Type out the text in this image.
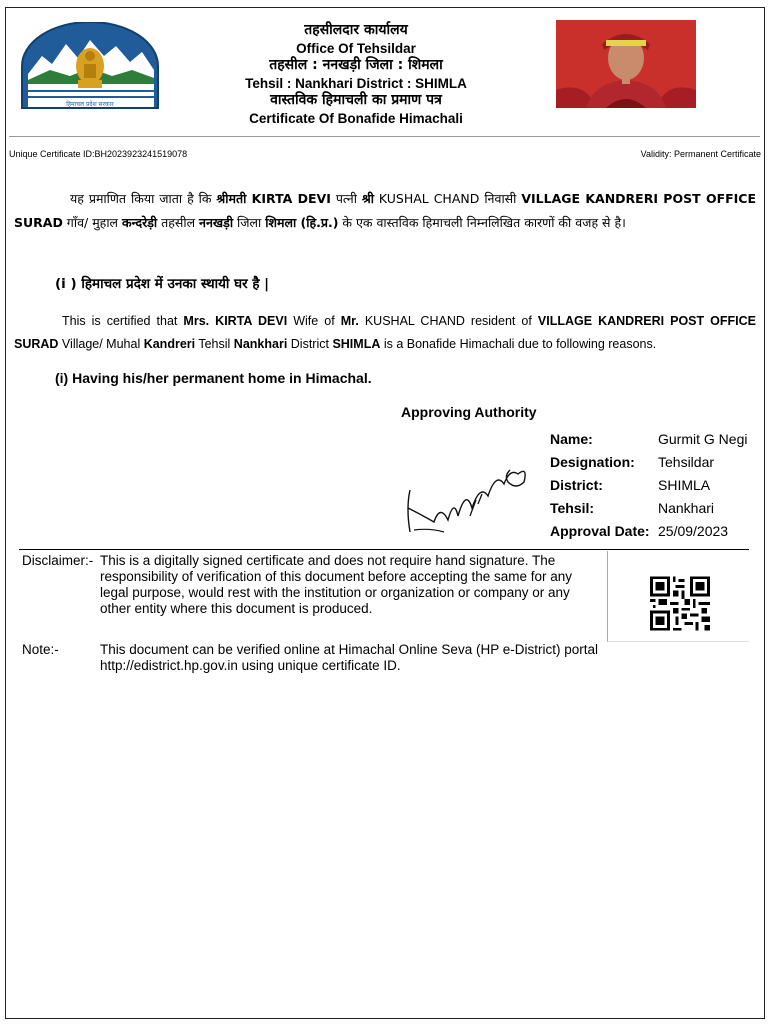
हिमाचल प्रदेश सरकार
तहसीलदार कार्यालय
Office Of Tehsildar
तहसील : ननखड़ी जिला : शिमला
Tehsil : Nankhari District : SHIMLA
वास्तविक हिमाचली का प्रमाण पत्र
Certificate Of Bonafide Himachali
Unique Certificate ID:BH2023923241519078	Validity: Permanent Certificate

यह प्रमाणित किया जाता है कि श्रीमती KIRTA DEVI पत्नी श्री KUSHAL CHAND निवासी VILLAGE KANDRERI POST OFFICE SURAD गाँव/ मुहाल कन्दरेड़ी तहसील ननखड़ी जिला शिमला (हि.प्र.) के एक वास्तविक हिमाचली निम्नलिखित कारणों की वजह से है।

(i ) हिमाचल प्रदेश में उनका स्थायी घर है |

This is certified that Mrs. KIRTA DEVI Wife of Mr. KUSHAL CHAND resident of VILLAGE KANDRERI POST OFFICE SURAD Village/ Muhal Kandreri Tehsil Nankhari District SHIMLA is a Bonafide Himachali due to following reasons.

(i) Having his/her permanent home in Himachal.
Approving Authority
Name:	Gurmit G Negi
Designation:	Tehsildar
District:	SHIMLA
Tehsil:	Nankhari
Approval Date: 25/09/2023
Disclaimer:- This is a digitally signed certificate and does not require hand signature. The responsibility of verification of this document before accepting the same for any legal purpose, would rest with the institution or organization or company or any other entity where this document is produced.
Note:-	This document can be verified online at Himachal Online Seva (HP e-District) portal http://edistrict.hp.gov.in using unique certificate ID.
